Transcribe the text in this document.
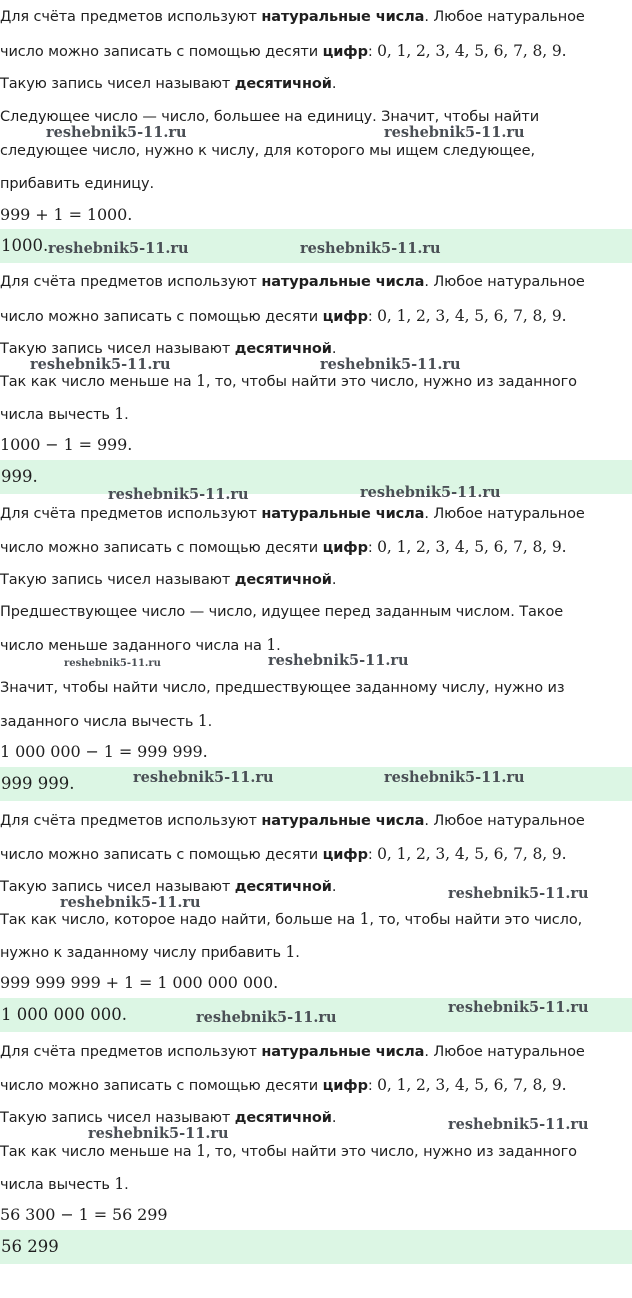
Для счёта предметов используют натуральные числа. Любое натуральное
число можно записать с помощью десяти цифр: 0, 1, 2, 3, 4, 5, 6, 7, 8, 9.
Такую запись чисел называют десятичной.
Следующее число — число, большее на единицу. Значит, чтобы найти
reshebnik5-11.ru	reshebnik5-11.ru
следующее число, нужно к числу, для которого мы ищем следующее,
прибавить единицу.
999 + 1 = 1000.
1000. reshebnik5-11.ru	reshebnik5-11.ru
Для счёта предметов используют натуральные числа. Любое натуральное
число можно записать с помощью десяти цифр: 0, 1, 2, 3, 4, 5, 6, 7, 8, 9.
Такую запись чисел называют десятичной.
reshebnik5-11.ru	reshebnik5-11.ru
Так как число меньше на 1, то, чтобы найти это число, нужно из заданного
числа вычесть 1.
1000 − 1 = 999.
999.
reshebnik5-11.ru	reshebnik5-11.ru
Для счёта предметов используют натуральные числа. Любое натуральное
число можно записать с помощью десяти цифр: 0, 1, 2, 3, 4, 5, 6, 7, 8, 9.
Такую запись чисел называют десятичной.
Предшествующее число — число, идущее перед заданным числом. Такое
число меньше заданного числа на 1.
reshebnik5-11.ru	reshebnik5-11.ru
Значит, чтобы найти число, предшествующее заданному числу, нужно из
заданного числа вычесть 1.
1 000 000 − 1 = 999 999.
999 999.	reshebnik5-11.ru	reshebnik5-11.ru
Для счёта предметов используют натуральные числа. Любое натуральное
число можно записать с помощью десяти цифр: 0, 1, 2, 3, 4, 5, 6, 7, 8, 9.
Такую запись чисел называют десятичной.
reshebnik5-11.ru
reshebnik5-11.ru
Так как число, которое надо найти, больше на 1, то, чтобы найти это число,
нужно к заданному числу прибавить 1.
999 999 999 + 1 = 1 000 000 000.
1 000 000 000.	reshebnik5-11.ru
reshebnik5-11.ru
Для счёта предметов используют натуральные числа. Любое натуральное
число можно записать с помощью десяти цифр: 0, 1, 2, 3, 4, 5, 6, 7, 8, 9.
Такую запись чисел называют десятичной.	reshebnik5-11.ru
reshebnik5-11.ru
Так как число меньше на 1, то, чтобы найти это число, нужно из заданного
числа вычесть 1.
56 300 − 1 = 56 299
56 299
